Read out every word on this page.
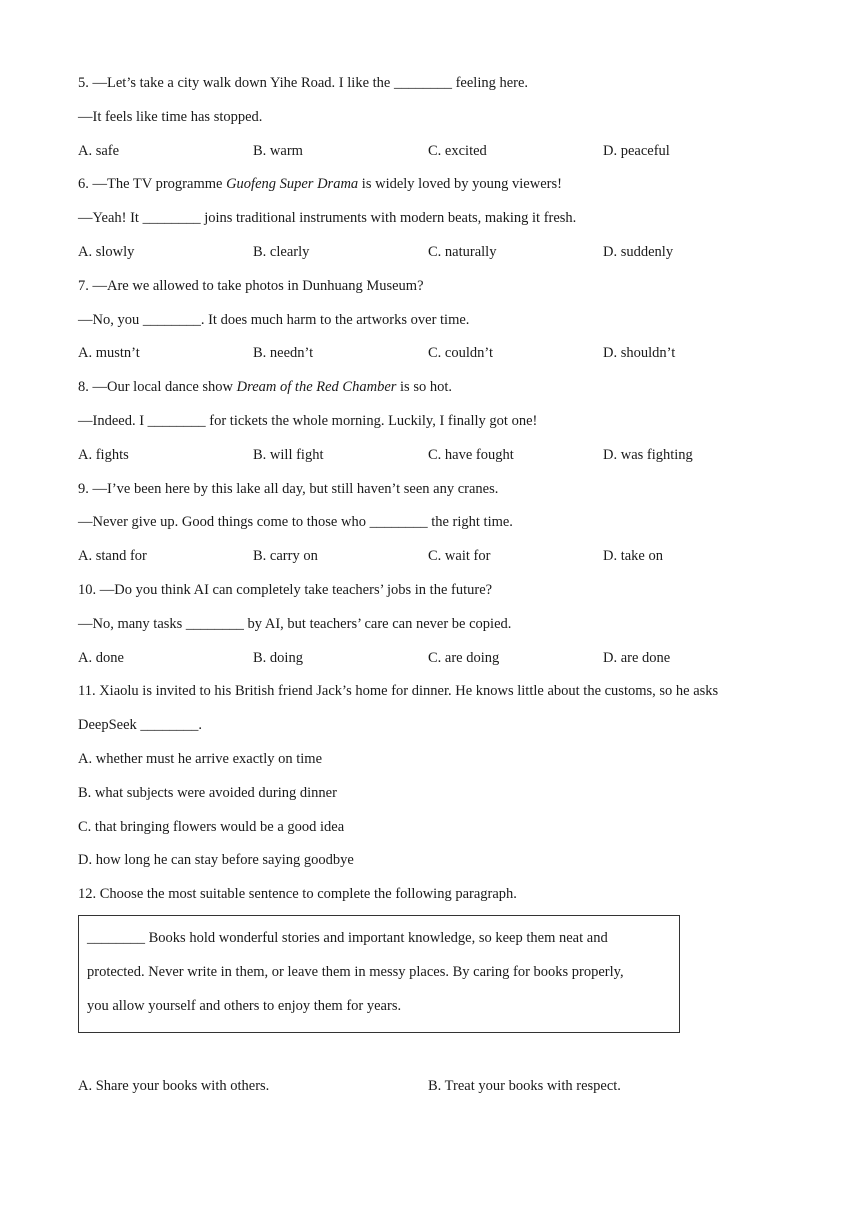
5. —Let’s take a city walk down Yihe Road. I like the ________ feeling here.
—It feels like time has stopped.
A. safe	B. warm	C. excited	D. peaceful
6. —The TV programme Guofeng Super Drama is widely loved by young viewers!
—Yeah! It ________ joins traditional instruments with modern beats, making it fresh.
A. slowly	B. clearly	C. naturally	D. suddenly
7. —Are we allowed to take photos in Dunhuang Museum?
—No, you ________. It does much harm to the artworks over time.
A. mustn’t	B. needn’t	C. couldn’t	D. shouldn’t
8. —Our local dance show Dream of the Red Chamber is so hot.
—Indeed. I ________ for tickets the whole morning. Luckily, I finally got one!
A. fights	B. will fight	C. have fought	D. was fighting
9. —I’ve been here by this lake all day, but still haven’t seen any cranes.
—Never give up. Good things come to those who ________ the right time.
A. stand for	B. carry on	C. wait for	D. take on
10. —Do you think AI can completely take teachers’ jobs in the future?
—No, many tasks ________ by AI, but teachers’ care can never be copied.
A. done	B. doing	C. are doing	D. are done
11. Xiaolu is invited to his British friend Jack’s home for dinner. He knows little about the customs, so he asks
DeepSeek ________.
A. whether must he arrive exactly on time
B. what subjects were avoided during dinner
C. that bringing flowers would be a good idea
D. how long he can stay before saying goodbye
12. Choose the most suitable sentence to complete the following paragraph.
________ Books hold wonderful stories and important knowledge, so keep them neat and
protected. Never write in them, or leave them in messy places. By caring for books properly,
you allow yourself and others to enjoy them for years.
A. Share your books with others.	B. Treat your books with respect.
